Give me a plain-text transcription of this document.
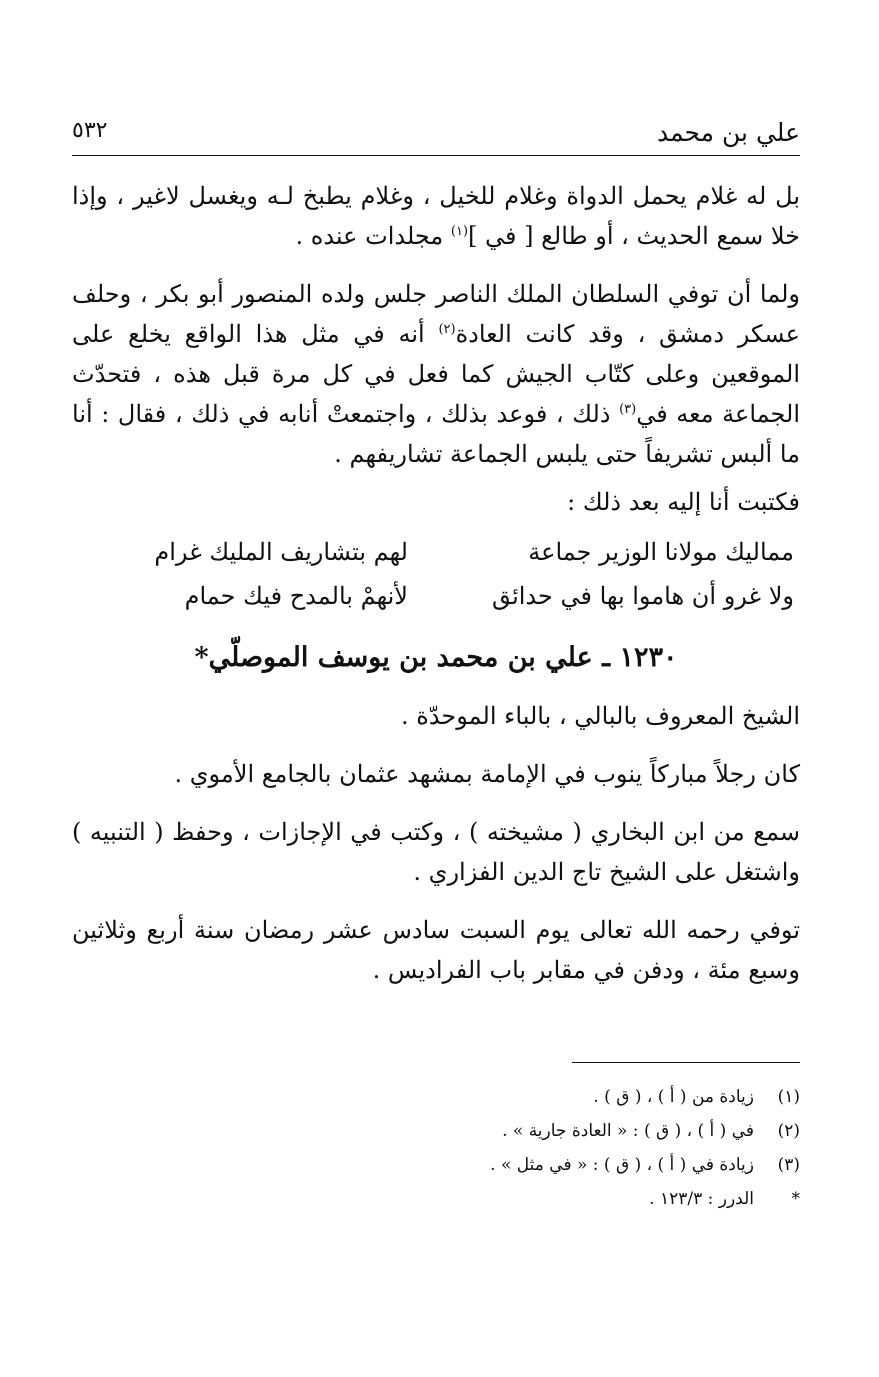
علي بن محمد
٥٣٢

بل له غلام يحمل الدواة وغلام للخيل ، وغلام يطبخ لـه ويغسل لاغير ، وإذا خلا سمع الحديث ، أو طالع [ في ]$^{(١)}$ مجلدات عنده .

ولما أن توفي السلطان الملك الناصر جلس ولده المنصور أبو بكر ، وحلف عسكر دمشق ، وقد كانت العادة$^{(٢)}$ أنه في مثل هذا الواقع يخلع على الموقعين وعلى كتّاب الجيش كما فعل في كل مرة قبل هذه ، فتحدّث الجماعة معه في$^{(٣)}$ ذلك ، فوعد بذلك ، واجتمعتْ أنابه في ذلك ، فقال : أنا ما ألبس تشريفاً حتى يلبس الجماعة تشاريفهم .

فكتبت أنا إليه بعد ذلك :

مماليك مولانا الوزير جماعة
لهم بتشاريف المليك غرام
ولا غرو أن هاموا بها في حدائق
لأنهمْ بالمدح فيك حمام
١٢٣٠ ـ علي بن محمد بن يوسف الموصلّي*

الشيخ المعروف بالبالي ، بالباء الموحدّة .

كان رجلاً مباركاً ينوب في الإمامة بمشهد عثمان بالجامع الأموي .

سمع من ابن البخاري ( مشيخته ) ، وكتب في الإجازات ، وحفظ ( التنبيه ) واشتغل على الشيخ تاج الدين الفزاري .

توفي رحمه الله تعالى يوم السبت سادس عشر رمضان سنة أربع وثلاثين وسبع مئة ، ودفن في مقابر باب الفراديس .

(١)
زيادة من ( أ ) ، ( ق ) .
(٢)
في ( أ ) ، ( ق ) : « العادة جارية » .
(٣)
زيادة في ( أ ) ، ( ق ) : « في مثل » .
*
الدرر : ١٢٣/٣ .
